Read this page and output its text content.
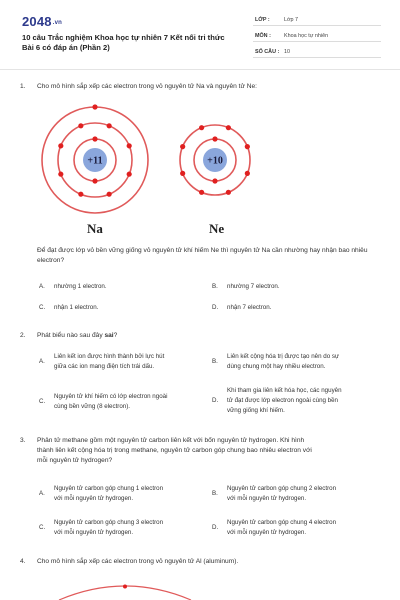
2048.vn
10 câu Trắc nghiệm Khoa học tự nhiên 7 Kết nối tri thức Bài 6 có đáp án (Phần 2)
LỚP :	Lớp 7
MÔN : Khoa học tự nhiên
SỐ CÂU : 10
1. Cho mô hình sắp xếp các electron trong vỏ nguyên tử Na và nguyên tử Ne:
+11	+10
Na	Ne
Để đạt được lớp vỏ bền vững giống vỏ nguyên tử khí hiếm Ne thì nguyên tử Na cần nhường hay nhận bao nhiêu electron?
A. nhường 1 electron.	B. nhường 7 electron.
C. nhận 1 electron.	D. nhận 7 electron.
2. Phát biểu nào sau đây sai?
A.
Liên kết ion được hình thành bởi lực hút
giữa các ion mang điện tích trái dấu.
B.
Liên kết cộng hóa trị được tạo nên do sự
dùng chung một hay nhiều electron.
C.
Nguyên tử khí hiếm có lớp electron ngoài
cùng bền vững (8 electron).
D.
Khi tham gia liên kết hóa học, các nguyên
tử đạt được lớp electron ngoài cùng bền
vững giống khí hiếm.
3. Phân tử methane gồm một nguyên tử carbon liên kết với bốn nguyên tử hydrogen. Khi hình
thành liên kết cộng hóa trị trong methane, nguyên tử carbon góp chung bao nhiêu electron với
mỗi nguyên tử hydrogen?
A.
Nguyên tử carbon góp chung 1 electron
với mỗi nguyên tử hydrogen.
B.
Nguyên tử carbon góp chung 2 electron
với mỗi nguyên tử hydrogen.
C.
Nguyên tử carbon góp chung 3 electron
với mỗi nguyên tử hydrogen.
D.
Nguyên tử carbon góp chung 4 electron
với mỗi nguyên tử hydrogen.
4. Cho mô hình sắp xếp các electron trong vỏ nguyên tử Al (aluminum).
